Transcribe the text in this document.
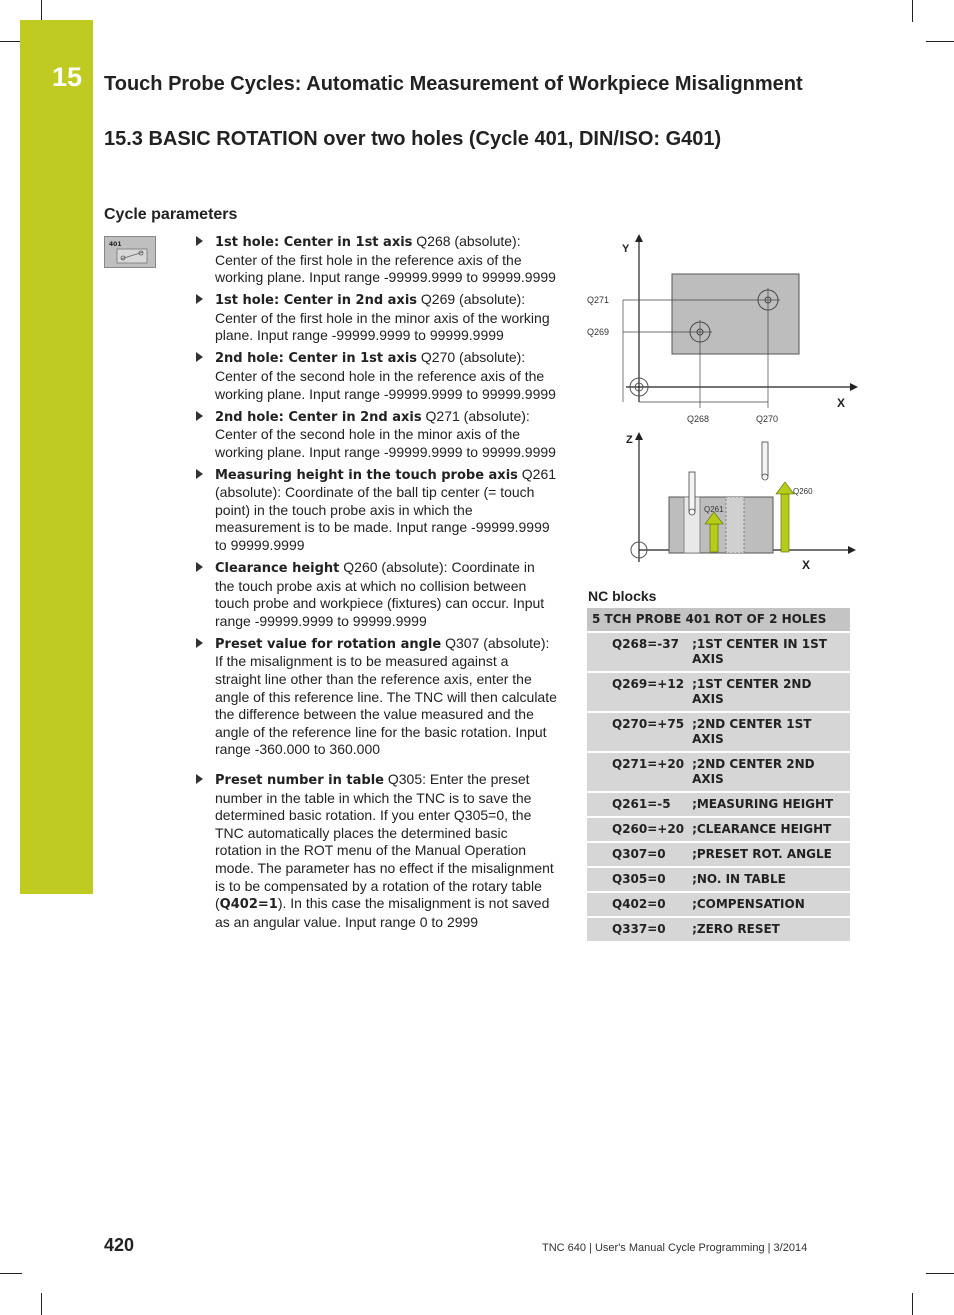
15 Touch Probe Cycles: Automatic Measurement of Workpiece Misalignment
15.3 BASIC ROTATION over two holes (Cycle 401, DIN/ISO: G401)
Cycle parameters
401	1st hole: Center in 1st axis Q268 (absolute): Center of the first hole in the reference axis of the working plane. Input range -99999.9999 to 99999.9999
1st hole: Center in 2nd axis Q269 (absolute): Center of the first hole in the minor axis of the working plane. Input range -99999.9999 to 99999.9999
2nd hole: Center in 1st axis Q270 (absolute): Center of the second hole in the reference axis of the working plane. Input range -99999.9999 to 99999.9999
2nd hole: Center in 2nd axis Q271 (absolute): Center of the second hole in the minor axis of the working plane. Input range -99999.9999 to 99999.9999
Measuring height in the touch probe axis Q261 (absolute): Coordinate of the ball tip center (= touch point) in the touch probe axis in which the measurement is to be made. Input range -99999.9999 to 99999.9999
Clearance height Q260 (absolute): Coordinate in the touch probe axis at which no collision between touch probe and workpiece (fixtures) can occur. Input range -99999.9999 to 99999.9999
Preset value for rotation angle Q307 (absolute): If the misalignment is to be measured against a straight line other than the reference axis, enter the angle of this reference line. The TNC will then calculate the difference between the value measured and the angle of the reference line for the basic rotation. Input range -360.000 to 360.000
Preset number in table Q305: Enter the preset number in the table in which the TNC is to save the determined basic rotation. If you enter Q305=0, the TNC automatically places the determined basic rotation in the ROT menu of the Manual Operation mode. The parameter has no effect if the misalignment is to be compensated by a rotation of the rotary table (Q402=1). In this case the misalignment is not saved as an angular value. Input range 0 to 2999
Y
X
Q271
Q269
Q268	Q270
Z
X
Q261
Q260
NC blocks
5 TCH PROBE 401 ROT OF 2 HOLES	
Q268=-37	;1ST CENTER IN 1ST AXIS
Q269=+12	;1ST CENTER 2ND AXIS
Q270=+75	;2ND CENTER 1ST AXIS
Q271=+20	;2ND CENTER 2ND AXIS
Q261=-5	;MEASURING HEIGHT
Q260=+20	;CLEARANCE HEIGHT
Q307=0	;PRESET ROT. ANGLE
Q305=0	;NO. IN TABLE
Q402=0	;COMPENSATION
Q337=0	;ZERO RESET
420	TNC 640 | User's Manual Cycle Programming | 3/2014
